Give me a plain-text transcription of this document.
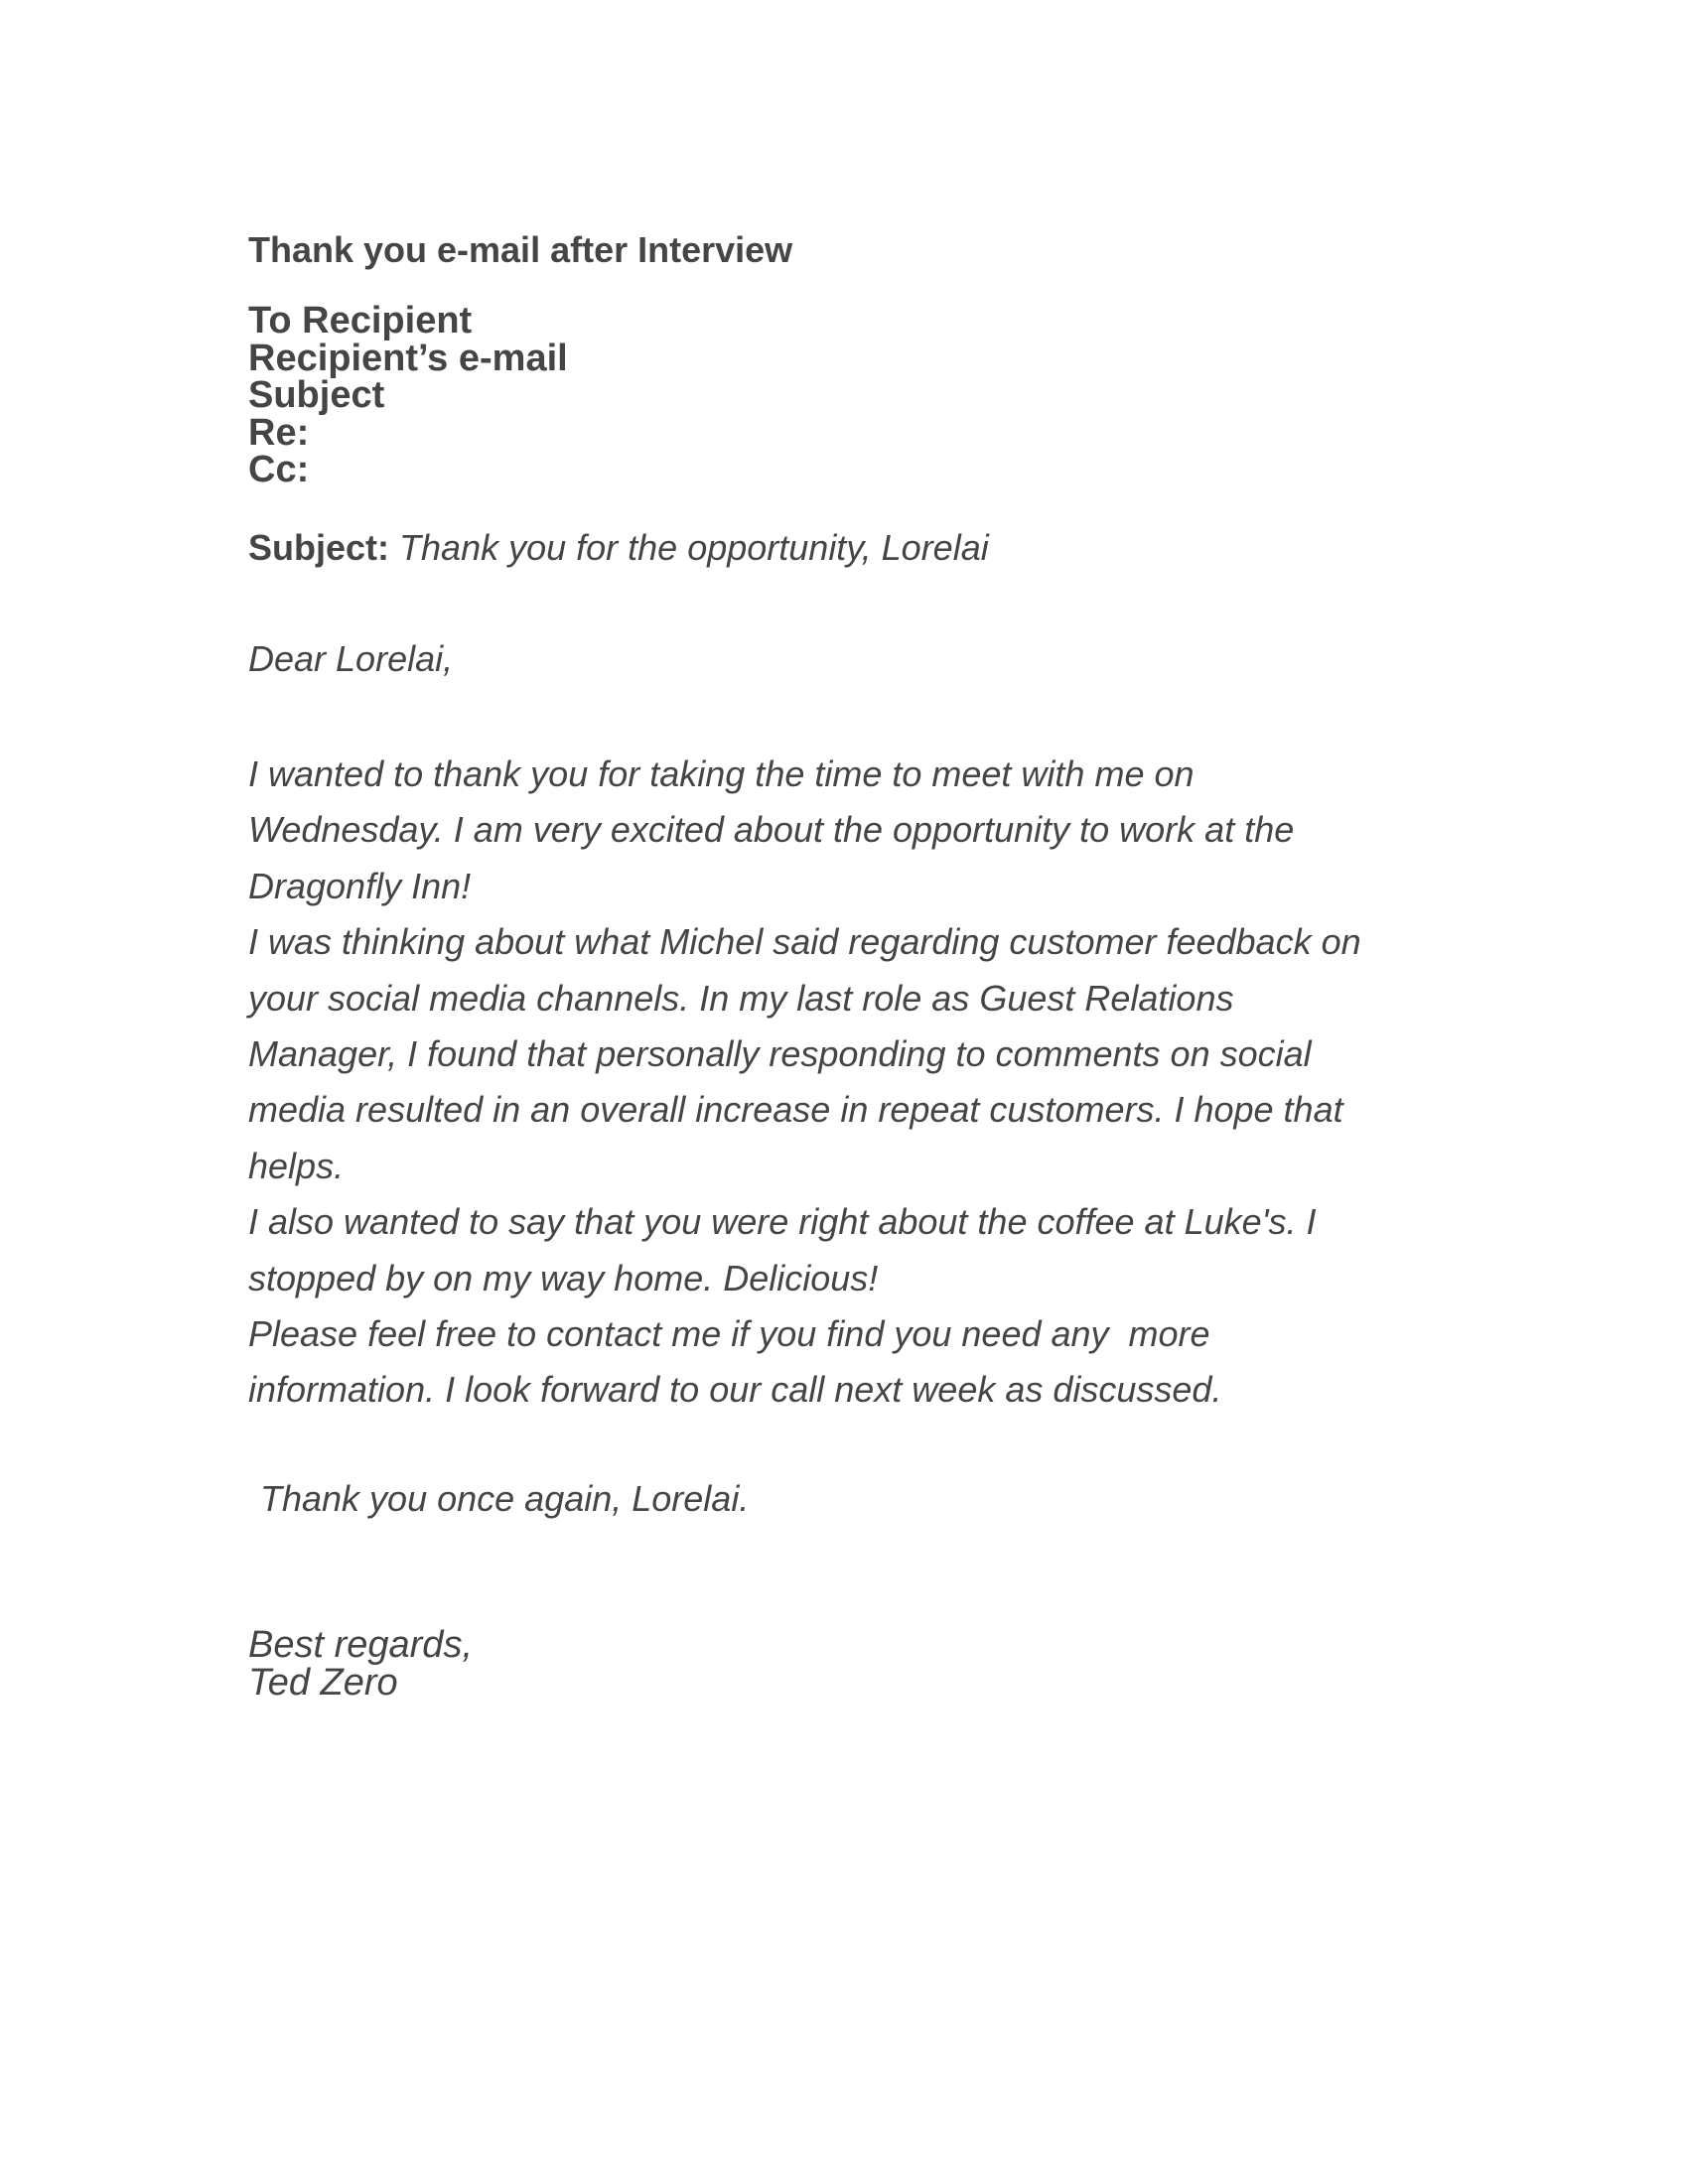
Thank you e-mail after Interview
To Recipient
Recipient’s e-mail
Subject
Re:
Cc:
Subject: Thank you for the opportunity, Lorelai
Dear Lorelai,

I wanted to thank you for taking the time to meet with me on

Wednesday. I am very excited about the opportunity to work at the

Dragonfly Inn!

I was thinking about what Michel said regarding customer feedback on

your social media channels. In my last role as Guest Relations

Manager, I found that personally responding to comments on social

media resulted in an overall increase in repeat customers. I hope that

helps.

I also wanted to say that you were right about the coffee at Luke's. I

stopped by on my way home. Delicious!

Please feel free to contact me if you find you need any  more

information. I look forward to our call next week as discussed.

Thank you once again, Lorelai.
Best regards,
Ted Zero
